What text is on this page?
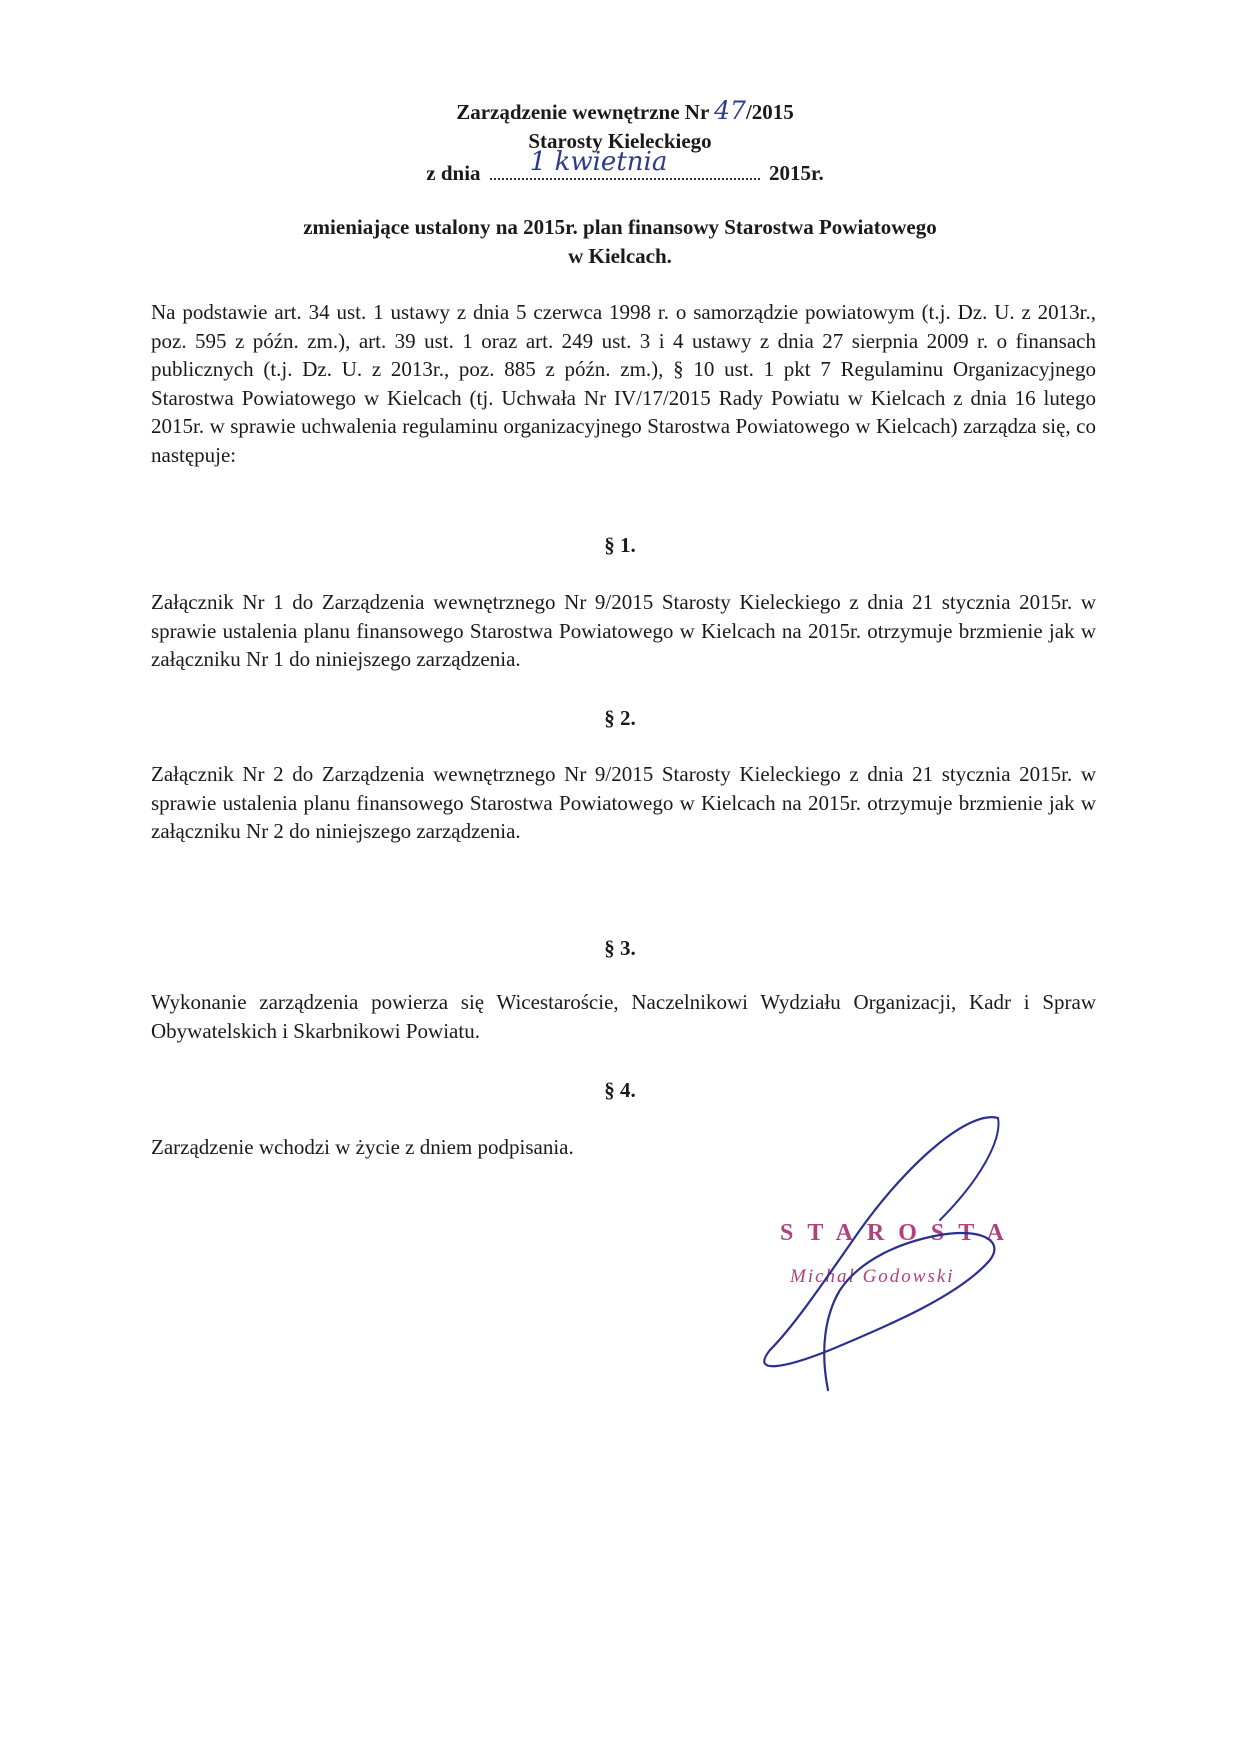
Zarządzenie wewnętrzne Nr 47/2015
Starosty Kieleckiego
z dnia 1 kwietnia	2015r.
zmieniające ustalony na 2015r. plan finansowy Starostwa Powiatowego
w Kielcach.
Na podstawie art. 34 ust. 1 ustawy z dnia 5 czerwca 1998 r. o samorządzie powiatowym (t.j. Dz. U. z 2013r., poz. 595 z późn. zm.), art. 39 ust. 1 oraz art. 249 ust. 3 i 4 ustawy z dnia 27 sierpnia 2009 r. o finansach publicznych (t.j. Dz. U. z 2013r., poz. 885 z późn. zm.), § 10 ust. 1 pkt 7 Regulaminu Organizacyjnego Starostwa Powiatowego w Kielcach (tj. Uchwała Nr IV/17/2015 Rady Powiatu w Kielcach z dnia 16 lutego 2015r. w sprawie uchwalenia regulaminu organizacyjnego Starostwa Powiatowego w Kielcach) zarządza się, co następuje:
§ 1.
Załącznik Nr 1 do Zarządzenia wewnętrznego Nr 9/2015 Starosty Kieleckiego z dnia 21 stycznia 2015r. w sprawie ustalenia planu finansowego Starostwa Powiatowego w Kielcach na 2015r. otrzymuje brzmienie jak w załączniku Nr 1 do niniejszego zarządzenia.
§ 2.
Załącznik Nr 2 do Zarządzenia wewnętrznego Nr 9/2015 Starosty Kieleckiego z dnia 21 stycznia 2015r. w sprawie ustalenia planu finansowego Starostwa Powiatowego w Kielcach na 2015r. otrzymuje brzmienie jak w załączniku Nr 2 do niniejszego zarządzenia.
§ 3.
Wykonanie zarządzenia powierza się Wicestaroście, Naczelnikowi Wydziału Organizacji, Kadr i Spraw Obywatelskich i Skarbnikowi Powiatu.
§ 4.
Zarządzenie wchodzi w życie z dniem podpisania.
STAROSTA
Michał Godowski
